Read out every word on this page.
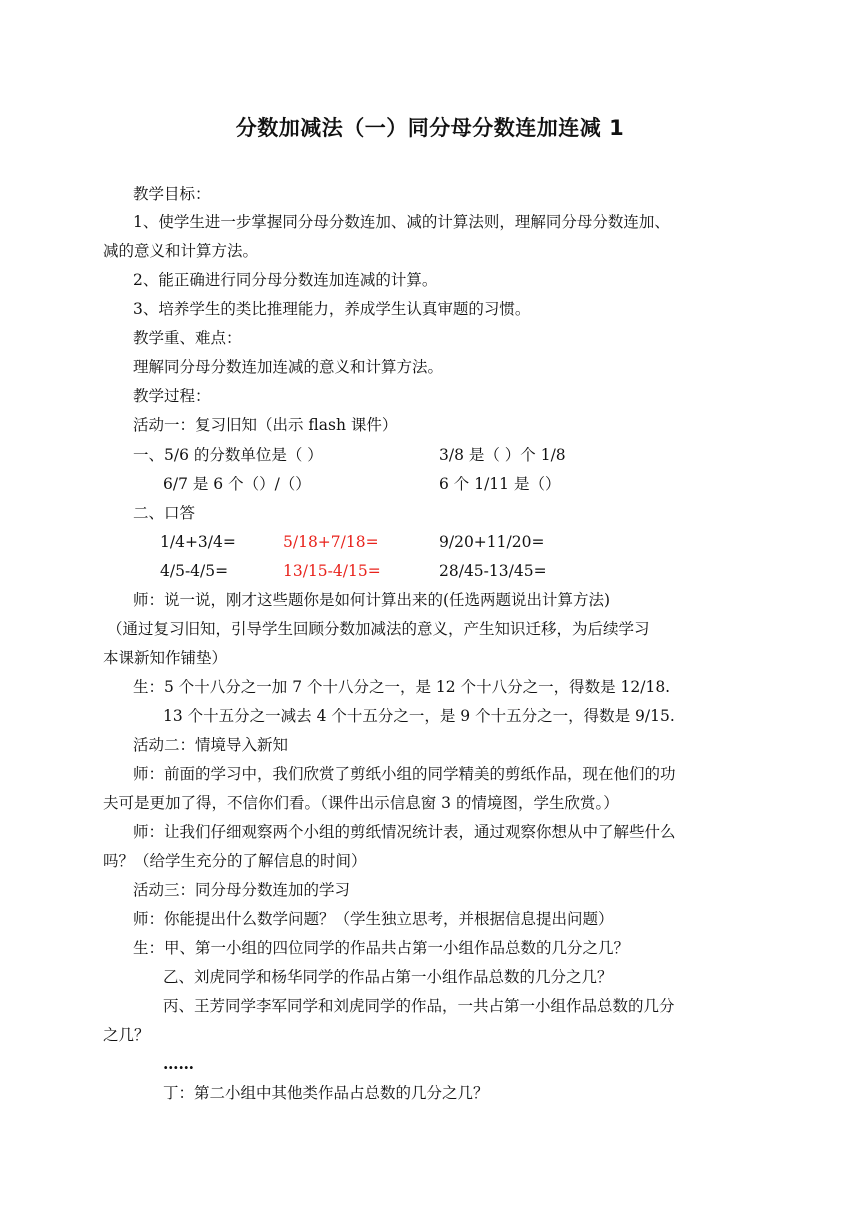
分数加减法（一）同分母分数连加连减 1
教学目标：
1、使学生进一步掌握同分母分数连加、减的计算法则，理解同分母分数连加、
减的意义和计算方法。
2、能正确进行同分母分数连加连减的计算。
3、培养学生的类比推理能力，养成学生认真审题的习惯。
教学重、难点：
理解同分母分数连加连减的意义和计算方法。
教学过程：
活动一：复习旧知（出示 flash 课件）
一、5/6 的分数单位是（ ）	3/8 是（ ）个 1/8
6/7 是 6 个（）/（）	6 个 1/11 是（）
二、口答
1/4+3/4=	5/18+7/18=	9/20+11/20=
4/5-4/5=	13/15-4/15=	28/45-13/45=
师：说一说，刚才这些题你是如何计算出来的(任选两题说出计算方法)
（通过复习旧知，引导学生回顾分数加减法的意义，产生知识迁移，为后续学习
本课新知作铺垫）
生：5 个十八分之一加 7 个十八分之一，是 12 个十八分之一，得数是 12/18.
13 个十五分之一减去 4 个十五分之一，是 9 个十五分之一，得数是 9/15.
活动二：情境导入新知
师：前面的学习中，我们欣赏了剪纸小组的同学精美的剪纸作品，现在他们的功
夫可是更加了得，不信你们看。（课件出示信息窗 3 的情境图，学生欣赏。）
师：让我们仔细观察两个小组的剪纸情况统计表，通过观察你想从中了解些什么
吗？（给学生充分的了解信息的时间）
活动三：同分母分数连加的学习
师：你能提出什么数学问题？（学生独立思考，并根据信息提出问题）
生：甲、第一小组的四位同学的作品共占第一小组作品总数的几分之几？
乙、刘虎同学和杨华同学的作品占第一小组作品总数的几分之几？
丙、王芳同学李军同学和刘虎同学的作品，一共占第一小组作品总数的几分
之几？
……
丁：第二小组中其他类作品占总数的几分之几？
